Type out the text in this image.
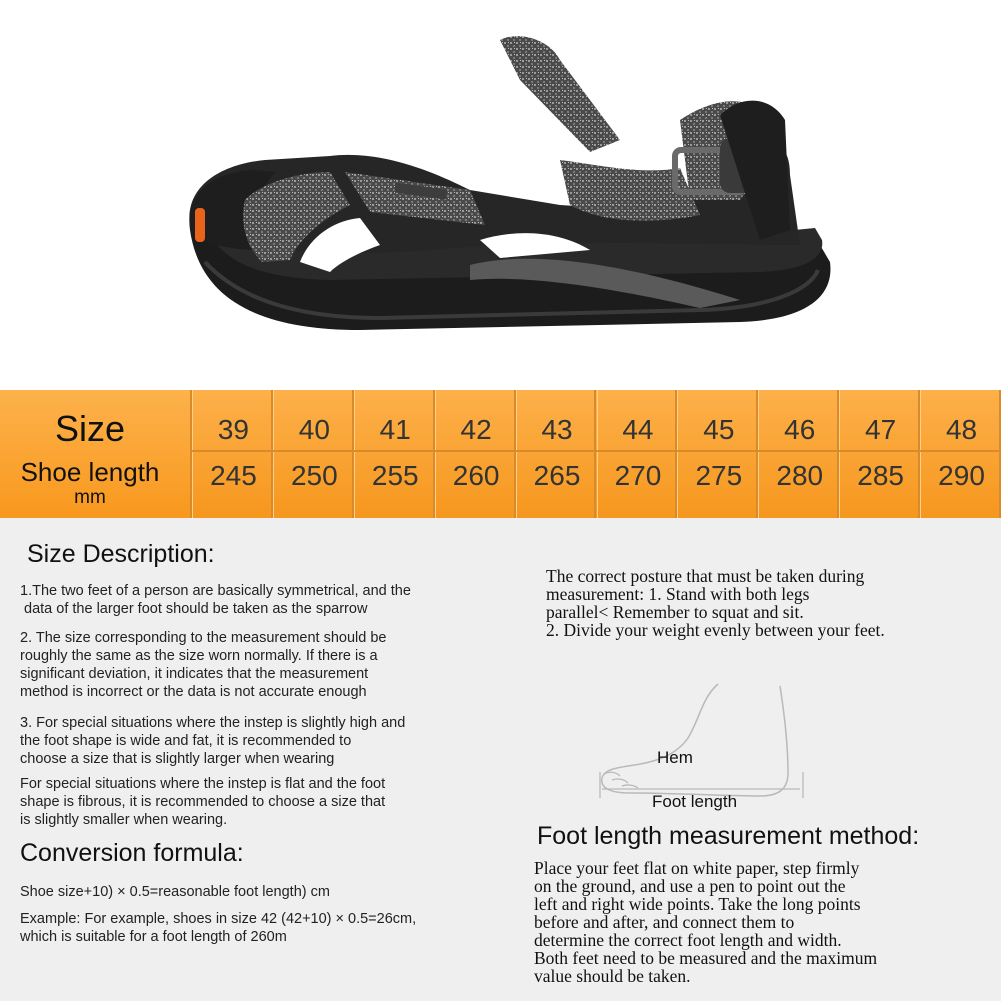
Size
Shoe length
mm
39
245
40
250
41
255
42
260
43
265
44
270
45
275
46
280
47
285
48
290
Size Description:
1.The two feet of a person are basically symmetrical, and the
data of the larger foot should be taken as the sparrow
2. The size corresponding to the measurement should be
roughly the same as the size worn normally. If there is a
significant deviation, it indicates that the measurement
method is incorrect or the data is not accurate enough
3. For special situations where the instep is slightly high and
the foot shape is wide and fat, it is recommended to
choose a size that is slightly larger when wearing
For special situations where the instep is flat and the foot
shape is fibrous, it is recommended to choose a size that
is slightly smaller when wearing.
Conversion formula:
Shoe size+10) × 0.5=reasonable foot length) cm
Example: For example, shoes in size 42 (42+10) × 0.5=26cm,
which is suitable for a foot length of 260m
The correct posture that must be taken during
measurement: 1. Stand with both legs
parallel< Remember to squat and sit.
2. Divide your weight evenly between your feet.
Hem
Foot length
Foot length measurement method:
Place your feet flat on white paper, step firmly
on the ground, and use a pen to point out the
left and right wide points. Take the long points
before and after, and connect them to
determine the correct foot length and width.
Both feet need to be measured and the maximum
value should be taken.
